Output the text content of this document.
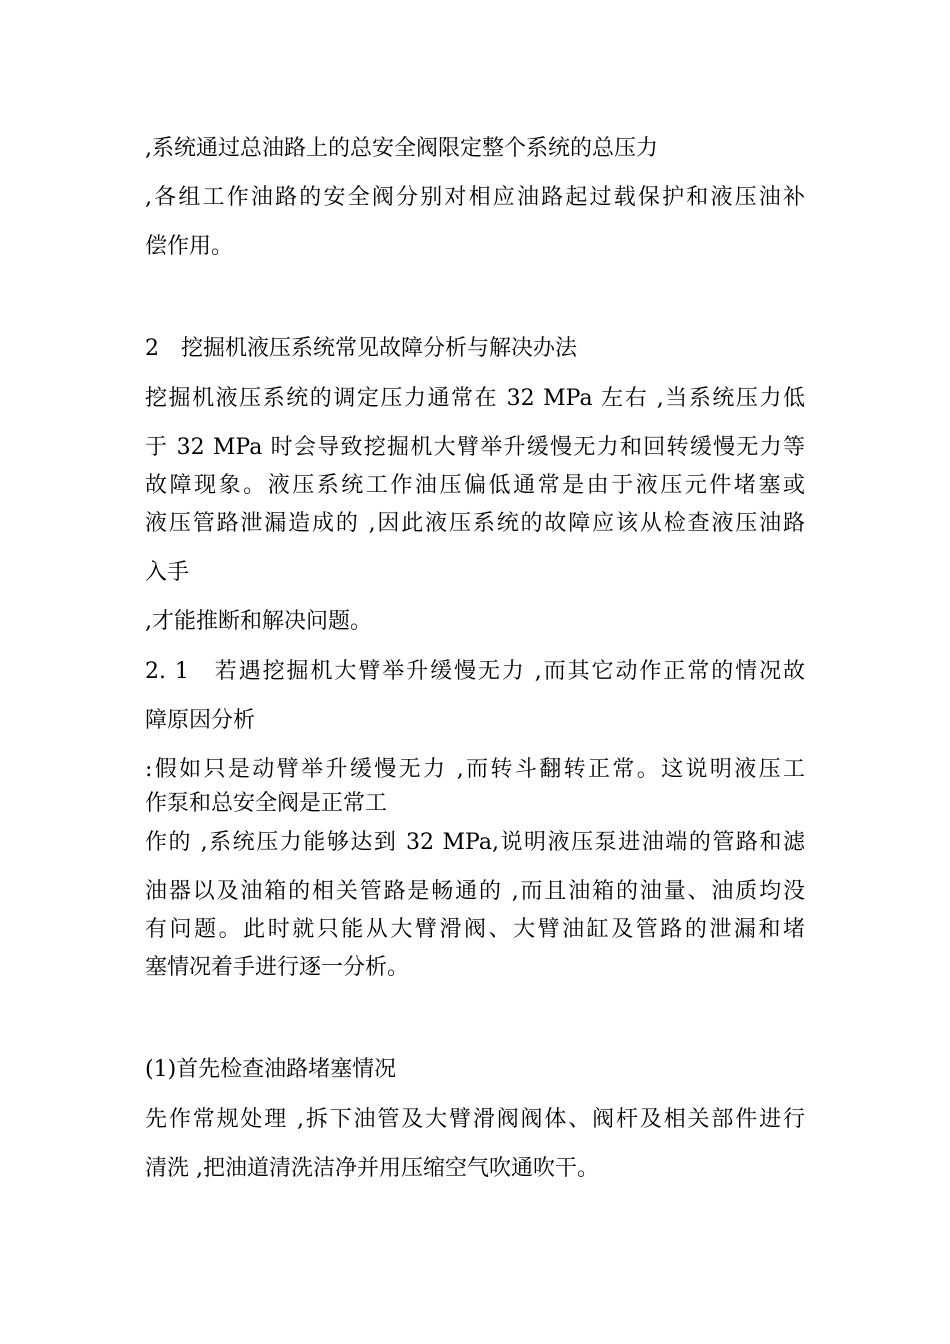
,系统通过总油路上的总安全阀限定整个系统的总压力

,各组工作油路的安全阀分别对相应油路起过载保护和液压油补

偿作用。

2　挖掘机液压系统常见故障分析与解决办法

挖掘机液压系统的调定压力通常在 32 MPa 左右 ,当系统压力低

于 32 MPa 时会导致挖掘机大臂举升缓慢无力和回转缓慢无力等

故障现象。液压系统工作油压偏低通常是由于液压元件堵塞或

液压管路泄漏造成的 ,因此液压系统的故障应该从检查液压油路

入手

,才能推断和解决问题。

2. 1　若遇挖掘机大臂举升缓慢无力 ,而其它动作正常的情况故

障原因分析

:假如只是动臂举升缓慢无力 ,而转斗翻转正常。这说明液压工

作泵和总安全阀是正常工

作的 ,系统压力能够达到 32 MPa,说明液压泵进油端的管路和滤

油器以及油箱的相关管路是畅通的 ,而且油箱的油量、油质均没

有问题。此时就只能从大臂滑阀、大臂油缸及管路的泄漏和堵

塞情况着手进行逐一分析。

(1)首先检查油路堵塞情况

先作常规处理 ,拆下油管及大臂滑阀阀体、阀杆及相关部件进行

清洗 ,把油道清洗洁净并用压缩空气吹通吹干。
